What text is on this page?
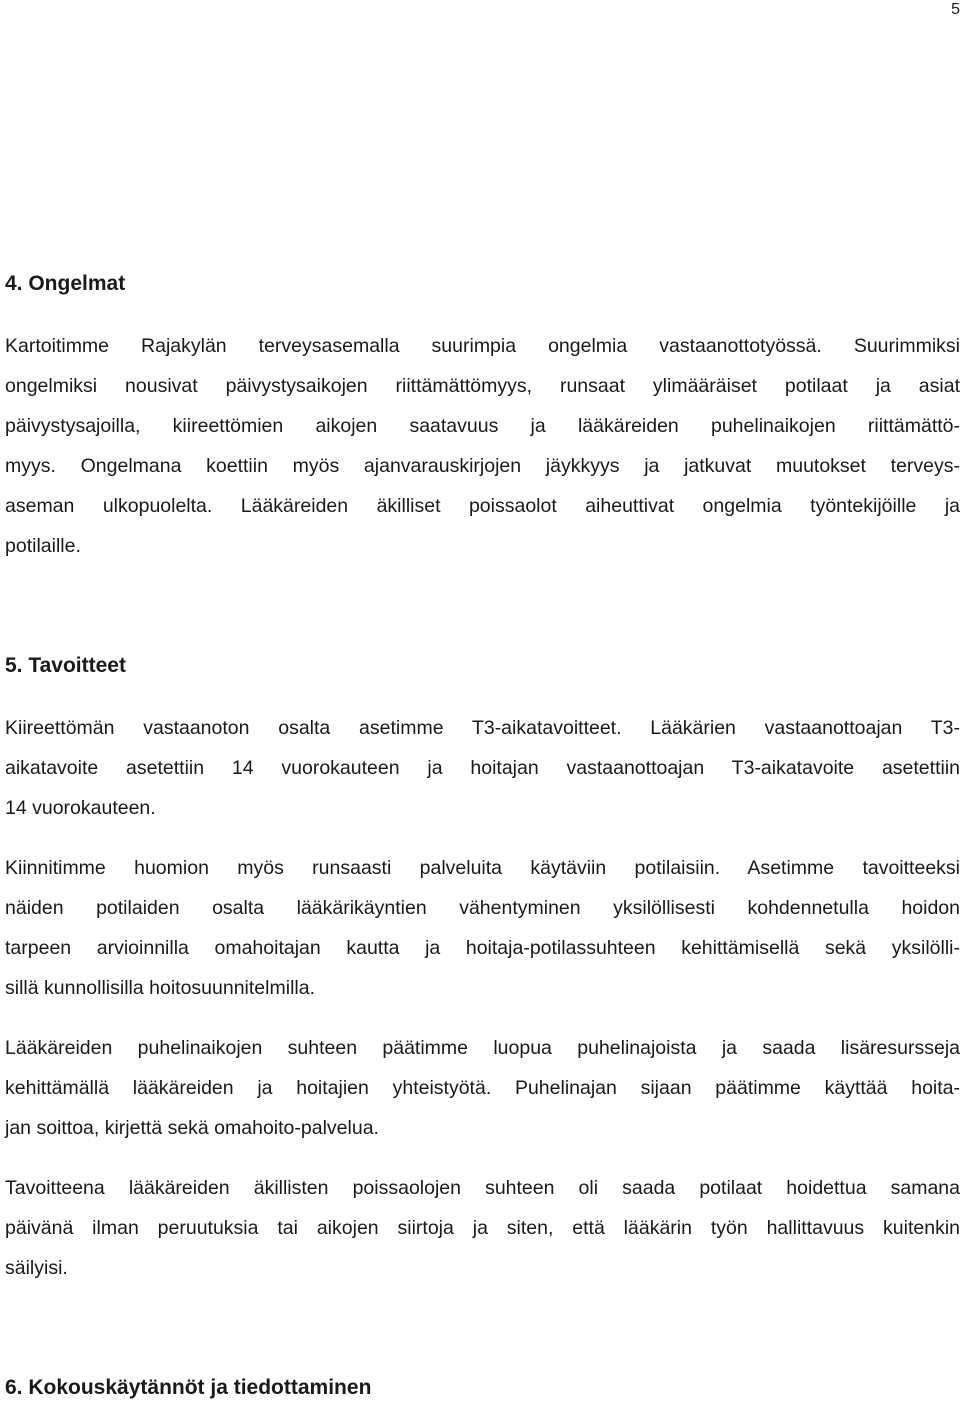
5
4. Ongelmat

Kartoitimme Rajakylän terveysasemalla suurimpia ongelmia vastaanottotyössä. Suurimmiksi
ongelmiksi nousivat päivystysaikojen riittämättömyys, runsaat ylimääräiset potilaat ja asiat
päivystysajoilla, kiireettömien aikojen saatavuus ja lääkäreiden puhelinaikojen riittämättö-
myys. Ongelmana koettiin myös ajanvarauskirjojen jäykkyys ja jatkuvat muutokset terveys-
aseman ulkopuolelta. Lääkäreiden äkilliset poissaolot aiheuttivat ongelmia työntekijöille ja
potilaille.

5. Tavoitteet

Kiireettömän vastaanoton osalta asetimme T3-aikatavoitteet. Lääkärien vastaanottoajan T3-
aikatavoite asetettiin 14 vuorokauteen ja hoitajan vastaanottoajan T3-aikatavoite asetettiin
14 vuorokauteen.

Kiinnitimme huomion myös runsaasti palveluita käytäviin potilaisiin. Asetimme tavoitteeksi
näiden potilaiden osalta lääkärikäyntien vähentyminen yksilöllisesti kohdennetulla hoidon
tarpeen arvioinnilla omahoitajan kautta ja hoitaja-potilassuhteen kehittämisellä sekä yksilölli-
sillä kunnollisilla hoitosuunnitelmilla.

Lääkäreiden puhelinaikojen suhteen päätimme luopua puhelinajoista ja saada lisäresursseja
kehittämällä lääkäreiden ja hoitajien yhteistyötä. Puhelinajan sijaan päätimme käyttää hoita-
jan soittoa, kirjettä sekä omahoito-palvelua.

Tavoitteena lääkäreiden äkillisten poissaolojen suhteen oli saada potilaat hoidettua samana
päivänä ilman peruutuksia tai aikojen siirtoja ja siten, että lääkärin työn hallittavuus kuitenkin
säilyisi.

6. Kokouskäytännöt ja tiedottaminen
